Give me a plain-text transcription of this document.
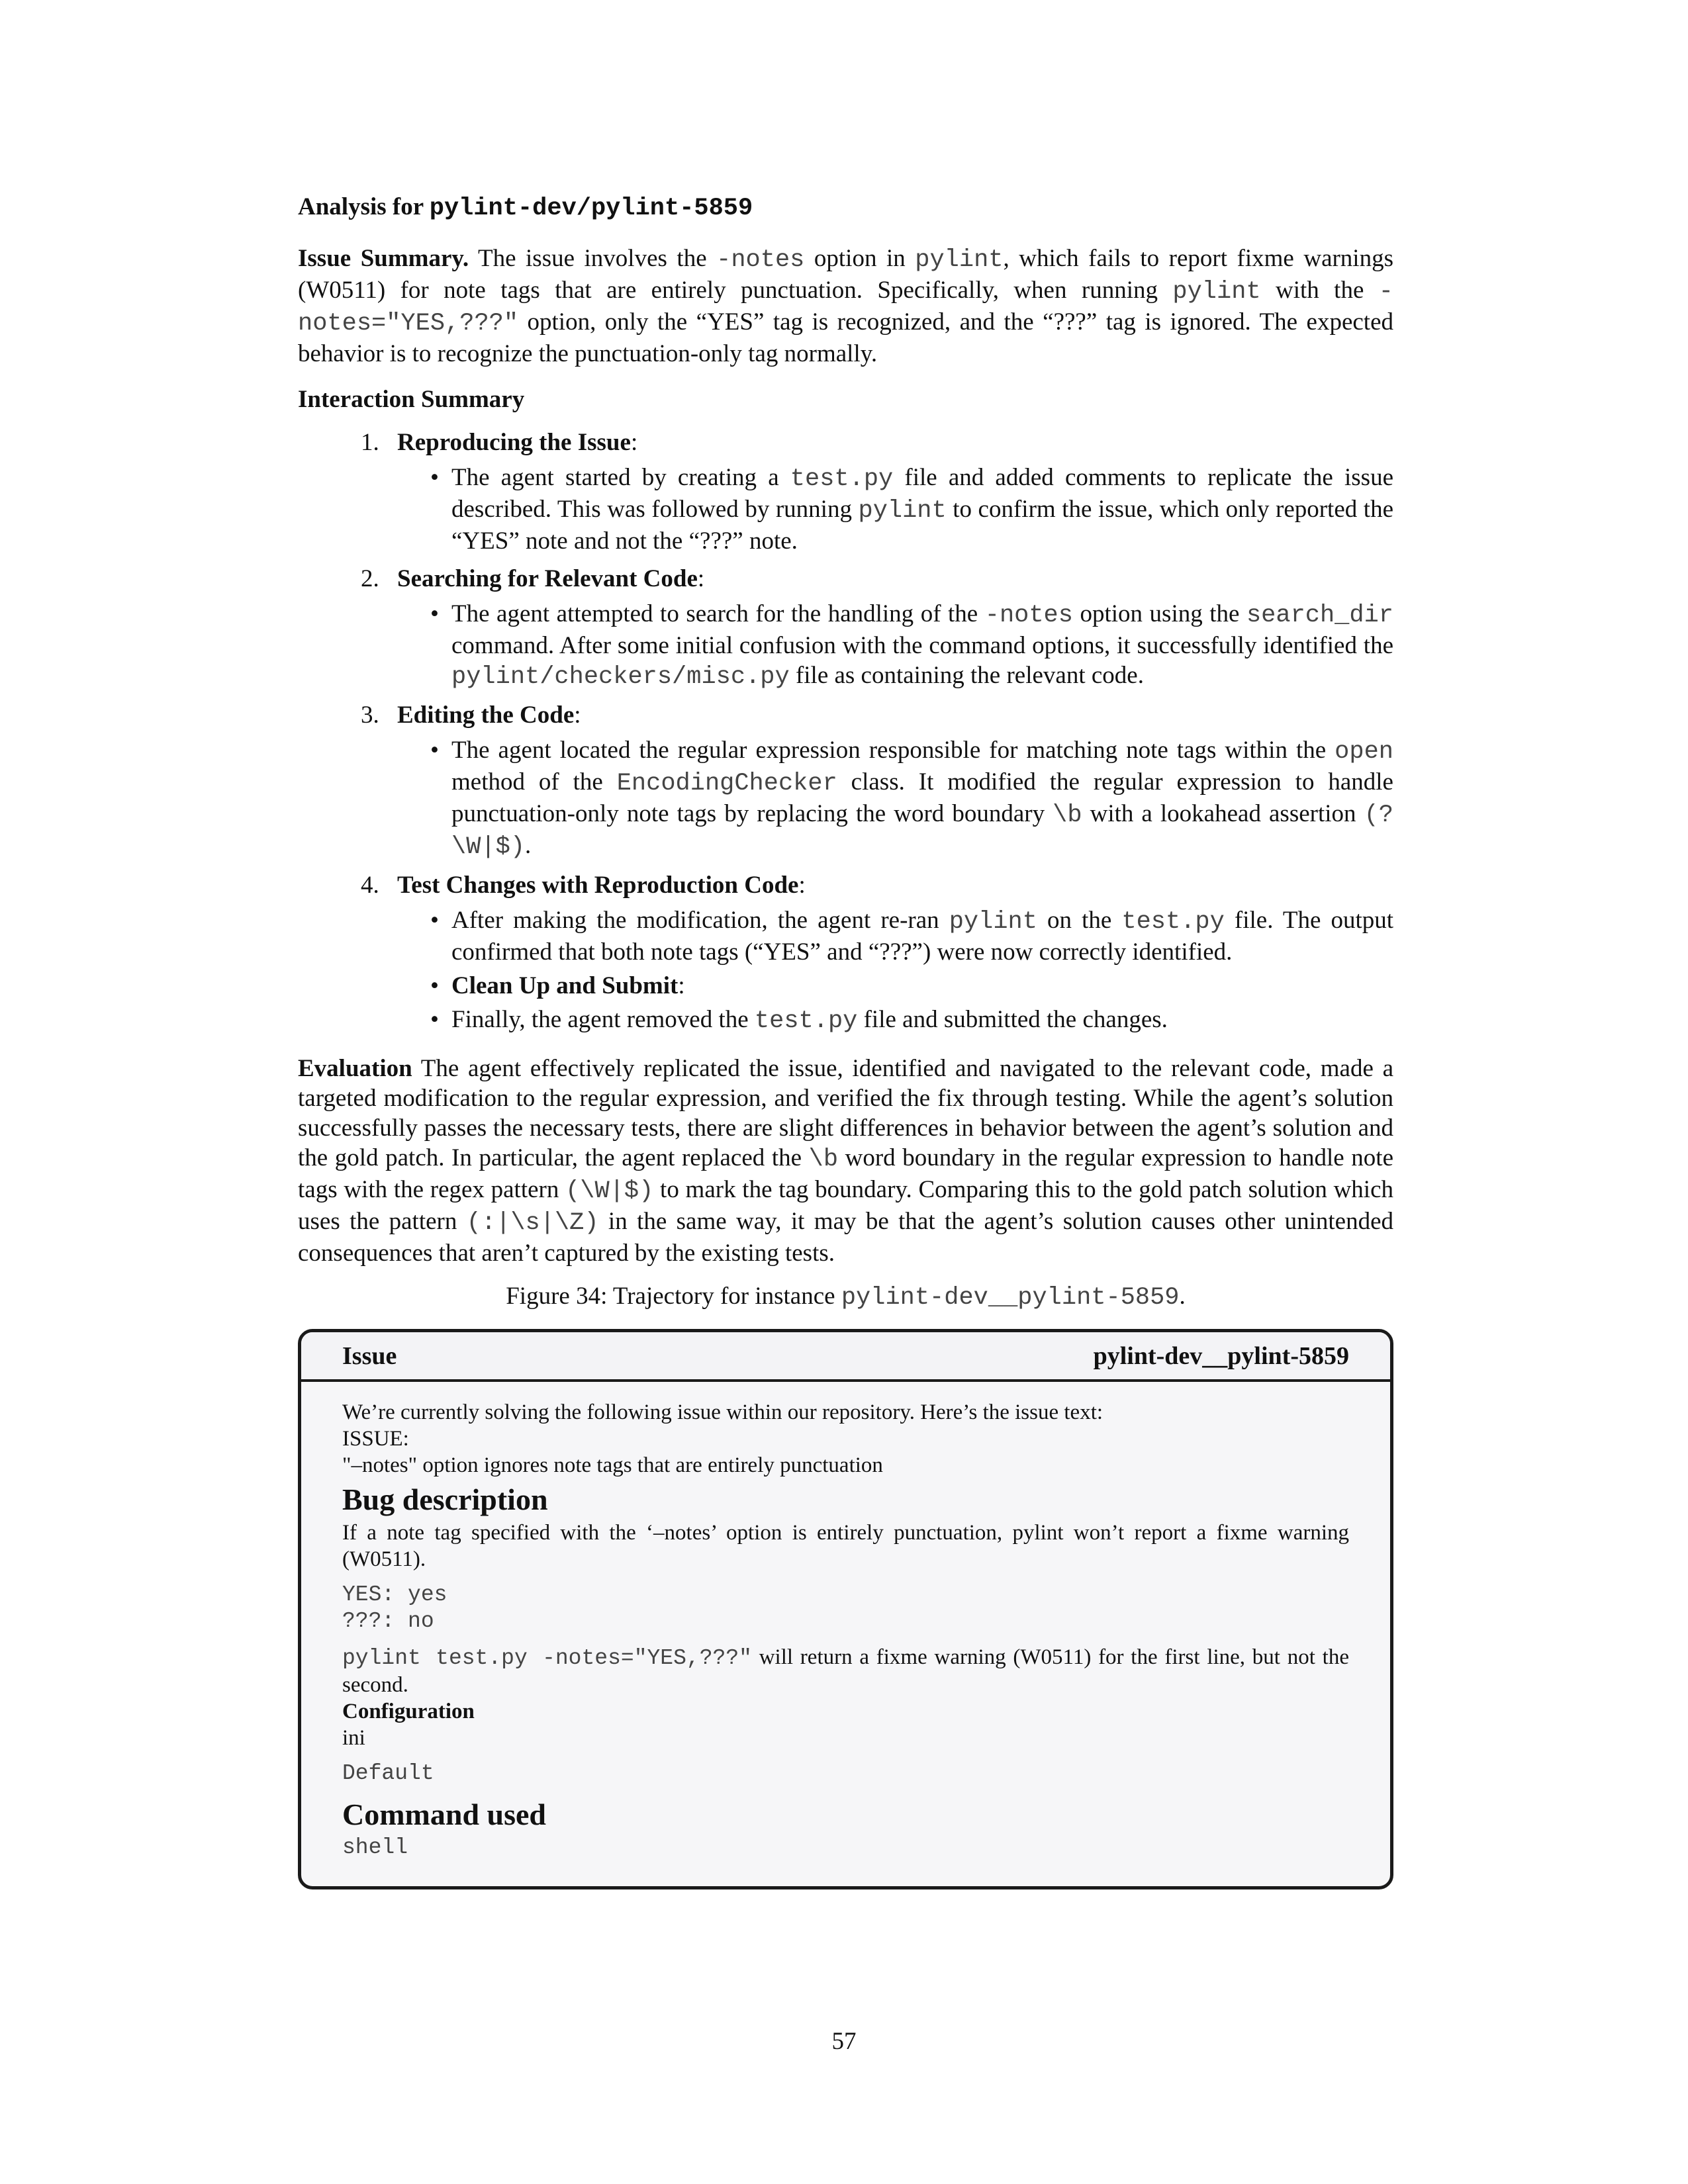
Analysis for pylint-dev/pylint-5859

Issue Summary. The issue involves the -notes option in pylint, which fails to report fixme warnings (W0511) for note tags that are entirely punctuation. Specifically, when running pylint with the -notes="YES,???" option, only the “YES” tag is recognized, and the “???” tag is ignored. The expected behavior is to recognize the punctuation-only tag normally.

Interaction Summary
1. Reproducing the Issue:
• The agent started by creating a test.py file and added comments to replicate the issue described. This was followed by running pylint to confirm the issue, which only reported the “YES” note and not the “???” note.
2. Searching for Relevant Code:
• The agent attempted to search for the handling of the -notes option using the search_dir command. After some initial confusion with the command options, it successfully identified the pylint/checkers/misc.py file as containing the relevant code.
3. Editing the Code:
• The agent located the regular expression responsible for matching note tags within the open method of the EncodingChecker class. It modified the regular expression to handle punctuation-only note tags by replacing the word boundary \b with a lookahead assertion (?\W|$).
4. Test Changes with Reproduction Code:
• After making the modification, the agent re-ran pylint on the test.py file. The output confirmed that both note tags (“YES” and “???”) were now correctly identified.
• Clean Up and Submit:
• Finally, the agent removed the test.py file and submitted the changes.

Evaluation The agent effectively replicated the issue, identified and navigated to the relevant code, made a targeted modification to the regular expression, and verified the fix through testing. While the agent’s solution successfully passes the necessary tests, there are slight differences in behavior between the agent’s solution and the gold patch. In particular, the agent replaced the \b word boundary in the regular expression to handle note tags with the regex pattern (\W|$) to mark the tag boundary. Comparing this to the gold patch solution which uses the pattern (:|\s|\Z) in the same way, it may be that the agent’s solution causes other unintended consequences that aren’t captured by the existing tests.

Figure 34: Trajectory for instance pylint-dev__pylint-5859.
Issue	pylint-dev__pylint-5859
We’re currently solving the following issue within our repository. Here’s the issue text:
ISSUE:
"–notes" option ignores note tags that are entirely punctuation
Bug description

If a note tag specified with the ‘–notes’ option is entirely punctuation, pylint won’t report a fixme warning (W0511).

YES: yes
???: no

pylint test.py -notes="YES,???" will return a fixme warning (W0511) for the first line, but not the second.

Configuration
ini
Default
Command used
shell
57
